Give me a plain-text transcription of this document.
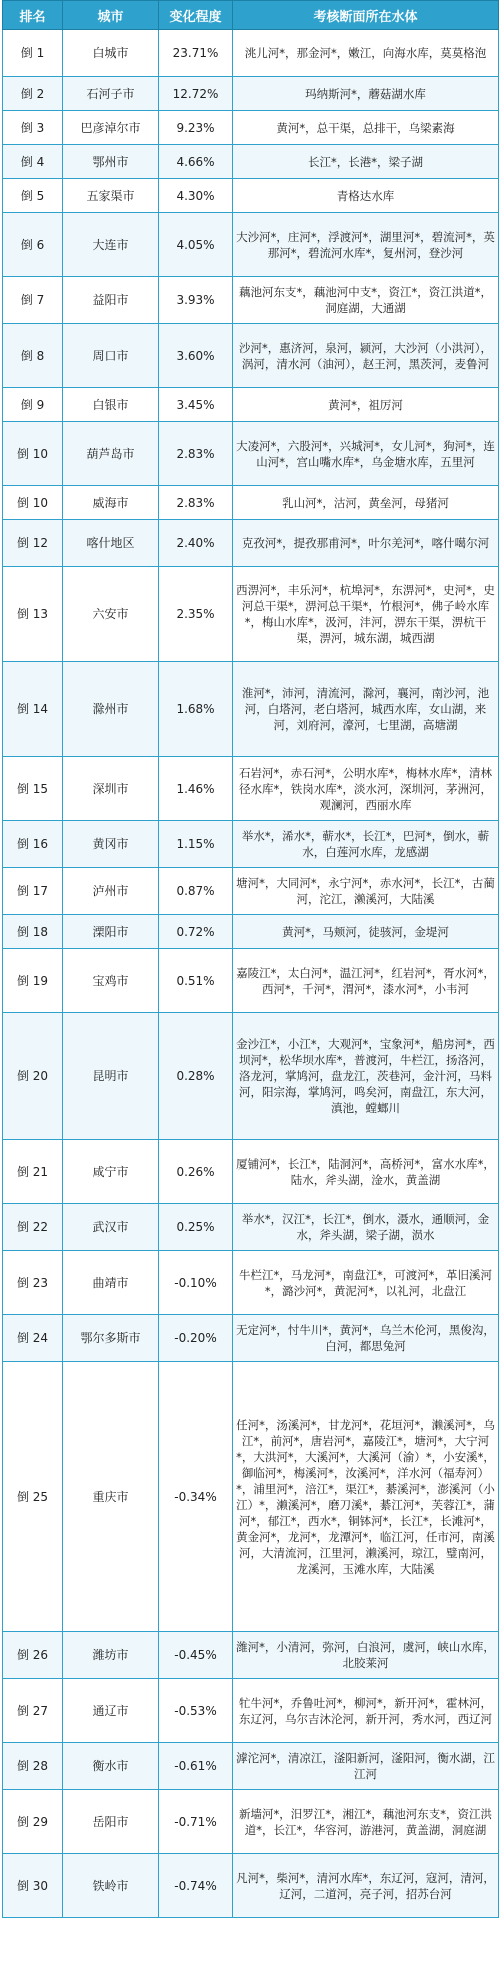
排名	城市	变化程度	考核断面所在水体
倒 1	白城市	23.71%	洮儿河*，那金河*，嫩江，向海水库，莫莫格泡
倒 2	石河子市	12.72%	玛纳斯河*，蘑菇湖水库
倒 3	巴彦淖尔市	9.23%	黄河*，总干渠，总排干，乌梁素海
倒 4	鄂州市	4.66%	长江*，长港*，梁子湖
倒 5	五家渠市	4.30%	青格达水库
倒 6	大连市	4.05%	大沙河*，庄河*，浮渡河*，湖里河*，碧流河*，英那河*，碧流河水库*，复州河，登沙河
倒 7	益阳市	3.93%	藕池河东支*，藕池河中支*，资江*，资江洪道*，洞庭湖，大通湖
倒 8	周口市	3.60%	沙河*，惠济河，泉河，颍河，大沙河（小洪河），涡河，清水河（油河），赵王河，黑茨河，麦鲁河
倒 9	白银市	3.45%	黄河*，祖厉河
倒 10	葫芦岛市	2.83%	大凌河*，六股河*，兴城河*，女儿河*，狗河*，连山河*，宫山嘴水库*，乌金塘水库，五里河
倒 10	威海市	2.83%	乳山河*，沽河，黄垒河，母猪河
倒 12	喀什地区	2.40%	克孜河*，提孜那甫河*，叶尔羌河*，喀什噶尔河
倒 13	六安市	2.35%	西淠河*，丰乐河*，杭埠河*，东淠河*，史河*，史河总干渠*，淠河总干渠*，竹根河*，佛子岭水库*，梅山水库*，汲河，沣河，淠东干渠，淠杭干渠，淠河，城东湖，城西湖
倒 14	滁州市	1.68%	淮河*，沛河，清流河，滁河，襄河，南沙河，池河，白塔河，老白塔河，城西水库，女山湖，来河，刘府河，濠河，七里湖，高塘湖
倒 15	深圳市	1.46%	石岩河*，赤石河*，公明水库*，梅林水库*，清林径水库*，铁岗水库*，淡水河，深圳河，茅洲河，观澜河，西丽水库
倒 16	黄冈市	1.15%	举水*，浠水*，蕲水*，长江*，巴河*，倒水，蕲水，白莲河水库，龙感湖
倒 17	泸州市	0.87%	塘河*，大同河*，永宁河*，赤水河*，长江*，古蔺河，沱江，濑溪河，大陆溪
倒 18	溧阳市	0.72%	黄河*，马颊河，徒骇河，金堤河
倒 19	宝鸡市	0.51%	嘉陵江*，太白河*，温江河*，红岩河*，胥水河*，西河*，千河*，渭河*，漆水河*，小韦河
倒 20	昆明市	0.28%	金沙江*，小江*，大观河*，宝象河*，船房河*，西坝河*，松华坝水库*，普渡河，牛栏江，扬洛河，洛龙河，掌鸠河，盘龙江，茨巷河，金汁河，马料河，阳宗海，掌鸠河，鸣矣河，南盘江，东大河，滇池，螳螂川
倒 21	咸宁市	0.26%	厦铺河*，长江*，陆洞河*，高桥河*，富水水库*，陆水，斧头湖，淦水，黄盖湖
倒 22	武汉市	0.25%	举水*，汉江*，长江*，倒水，滠水，通顺河，金水，斧头湖，梁子湖，涢水
倒 23	曲靖市	-0.10%	牛栏江*，马龙河*，南盘江*，可渡河*，革旧溪河*，潞沙河*，黄泥河*，以礼河，北盘江
倒 24	鄂尔多斯市	-0.20%	无定河*，忖牛川*，黄河*，乌兰木伦河，黑俊沟，白河，都思兔河
倒 25	重庆市	-0.34%	任河*，汤溪河*，甘龙河*，花垣河*，濑溪河*，乌江*，前河*，唐岩河*，嘉陵江*，塘河*，大宁河*，大洪河*，大溪河*，大溪河（渝）*，小安溪*，御临河*，梅溪河*，汝溪河*，洋水河（福寿河）*，浦里河*，涪江*，渠江*，綦溪河*，澎溪河（小江）*，濑溪河*，磨刀溪*，綦江河*，芙蓉江*，蒲河*，郁江*，西水*，铜钵河*，长江*，长滩河*，黄金河*，龙河*，龙潭河*，临江河，任市河，南溪河，大清流河，江里河，濑溪河，琼江，璧南河，龙溪河，玉滩水库，大陆溪
倒 26	潍坊市	-0.45%	潍河*，小清河，弥河，白浪河，虞河，峡山水库，北胶莱河
倒 27	通辽市	-0.53%	牤牛河*，乔鲁吐河*，柳河*，新开河*，霍林河，东辽河，乌尔吉沐沦河，新开河，秀水河，西辽河
倒 28	衡水市	-0.61%	滹沱河*，清凉江，滏阳新河，滏阳河，衡水湖，江江河
倒 29	岳阳市	-0.71%	新墙河*，汨罗江*，湘江*，藕池河东支*，资江洪道*，长江*，华容河，游港河，黄盖湖，洞庭湖
倒 30	铁岭市	-0.74%	凡河*，柴河*，清河水库*，东辽河，寇河，清河，辽河，二道河，亮子河，招苏台河
